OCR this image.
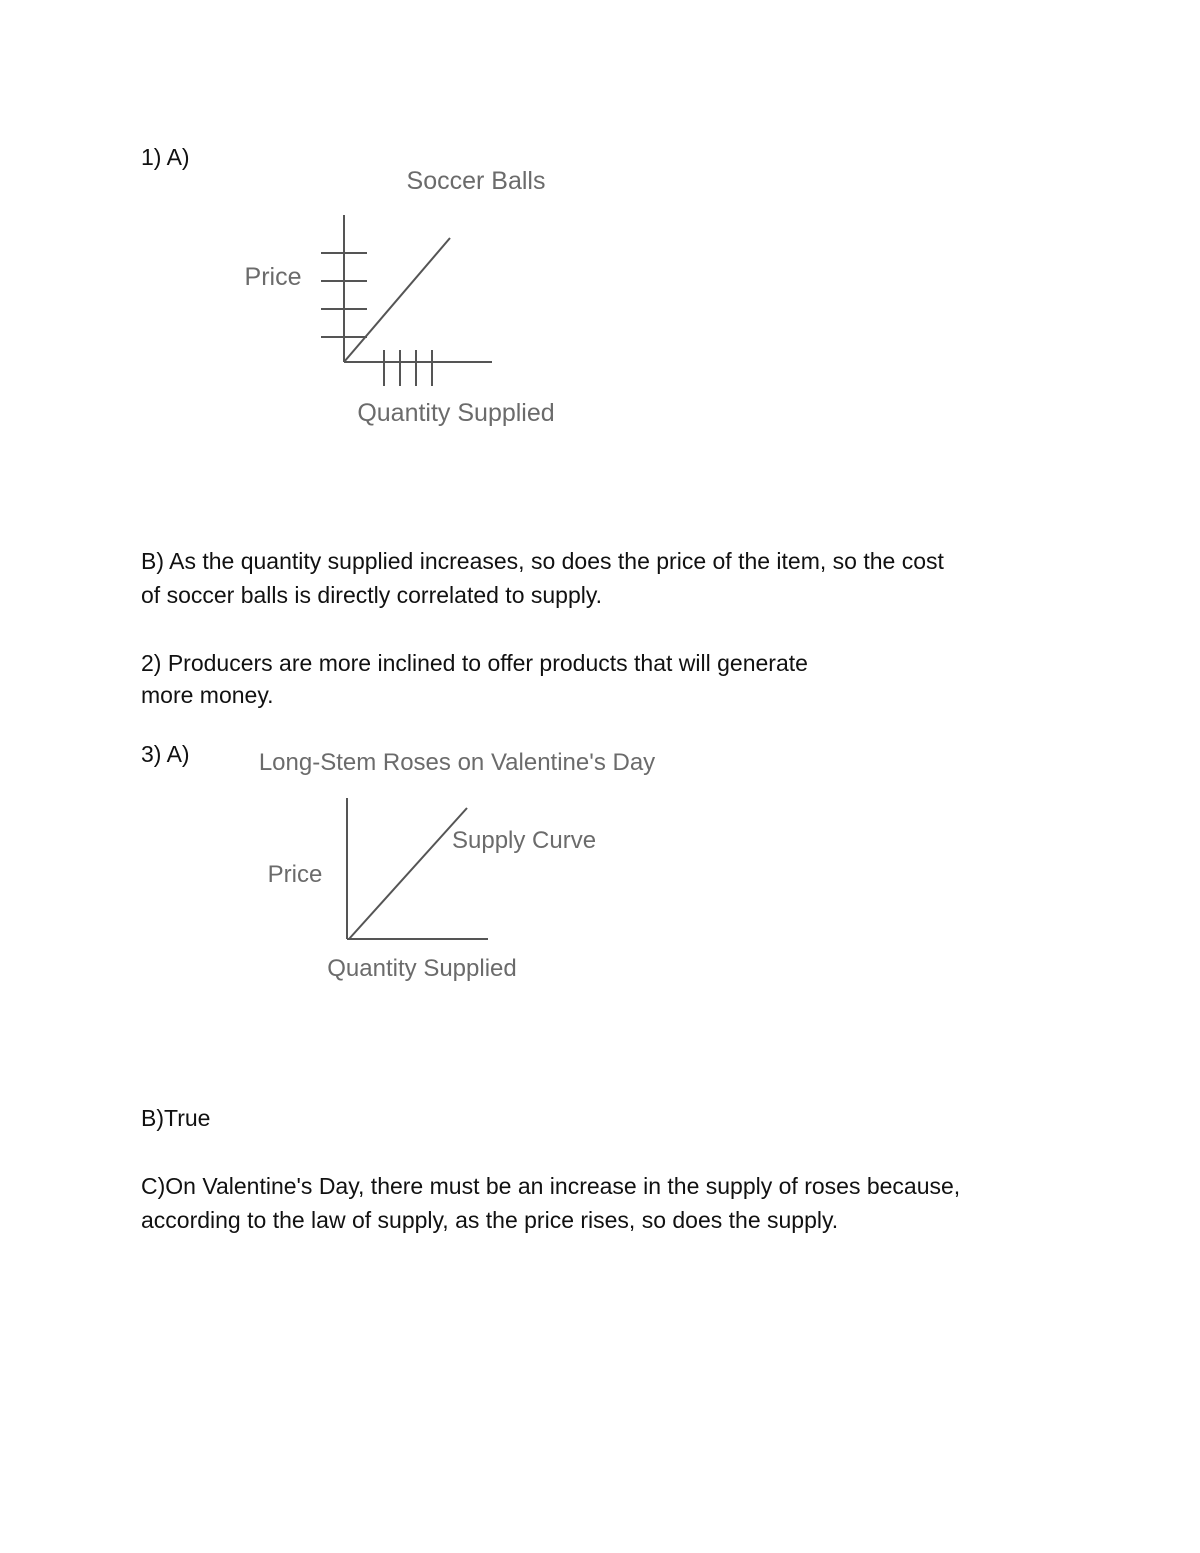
1) A)
Soccer Balls
Price
Quantity Supplied
B) As the quantity supplied increases, so does the price of the item, so the cost
of soccer balls is directly correlated to supply.
2) Producers are more inclined to offer products that will generate
more money.
3) A)	Long-Stem Roses on Valentine's Day
Price
Quantity Supplied
Supply Curve
B)True
C)On Valentine's Day, there must be an increase in the supply of roses because,
according to the law of supply, as the price rises, so does the supply.
